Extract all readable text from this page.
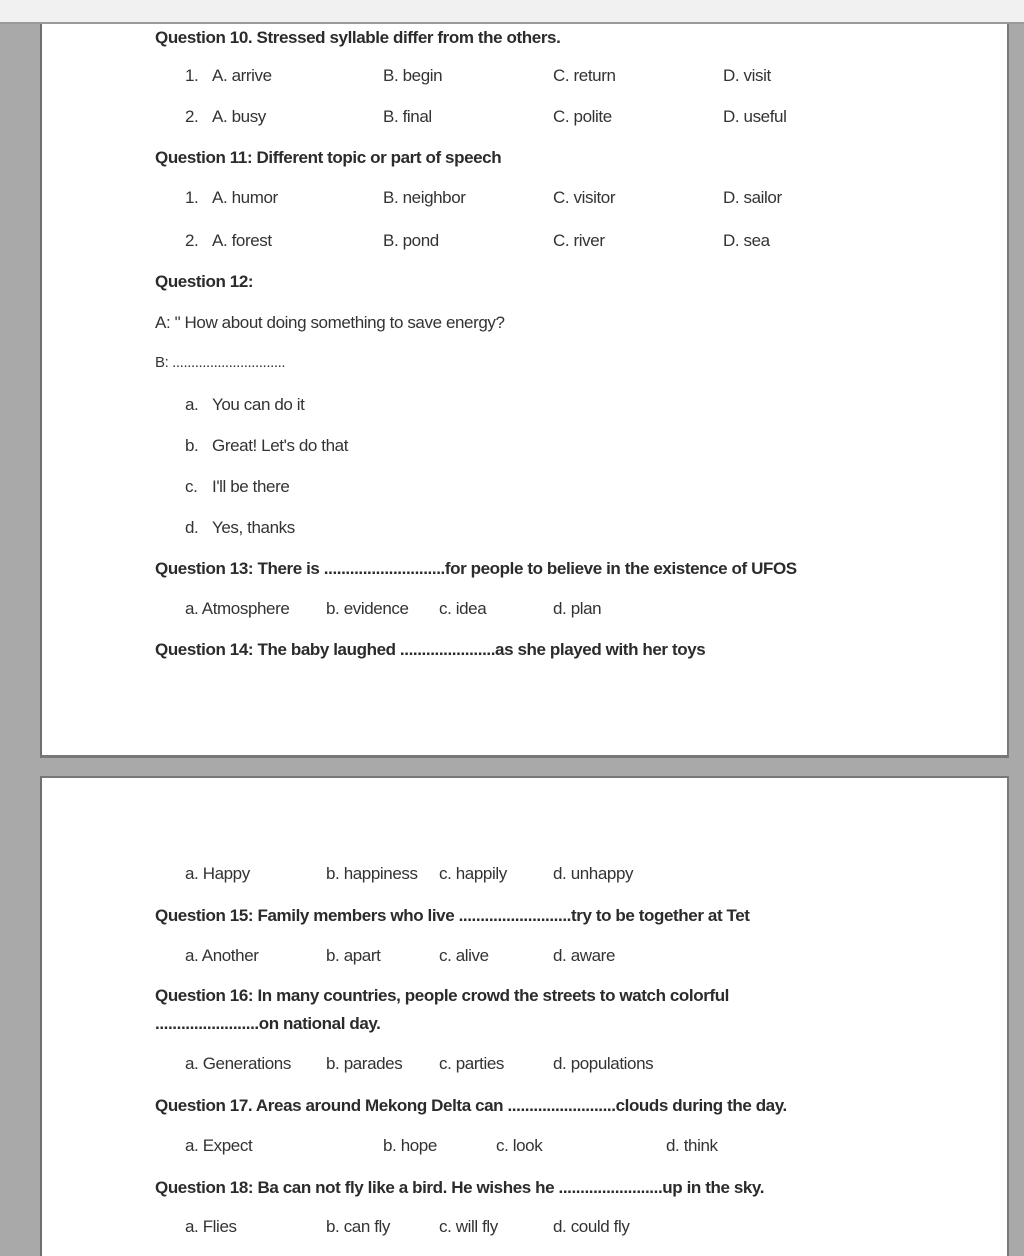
Question 10. Stressed syllable differ from the others.
1. A. arrive	B. begin	C. return	D. visit
2. A. busy	B. final	C. polite	D. useful
Question 11: Different topic or part of speech
1. A. humor	B. neighbor	C. visitor	D. sailor
2. A. forest	B. pond	C. river	D. sea
Question 12:
A: " How about doing something to save energy?
B: ..............................
a. You can do it
b. Great! Let's do that
c. I'll be there
d. Yes, thanks
Question 13: There is ............................for people to believe in the existence of UFOS
a. Atmosphere b. evidence c. idea	d. plan
Question 14: The baby laughed ......................as she played with her toys
a. Happy	b. happiness c. happily	d. unhappy
Question 15: Family members who live ..........................try to be together at Tet
a. Another	b. apart	c. alive	d. aware
Question 16: In many countries, people crowd the streets to watch colorful
........................on national day.
a. Generations b. parades c. parties	d. populations
Question 17. Areas around Mekong Delta can .........................clouds during the day.
a. Expect	b. hope	c. look	d. think
Question 18: Ba can not fly like a bird. He wishes he ........................up in the sky.
a. Flies	b. can fly	c. will fly	d. could fly
